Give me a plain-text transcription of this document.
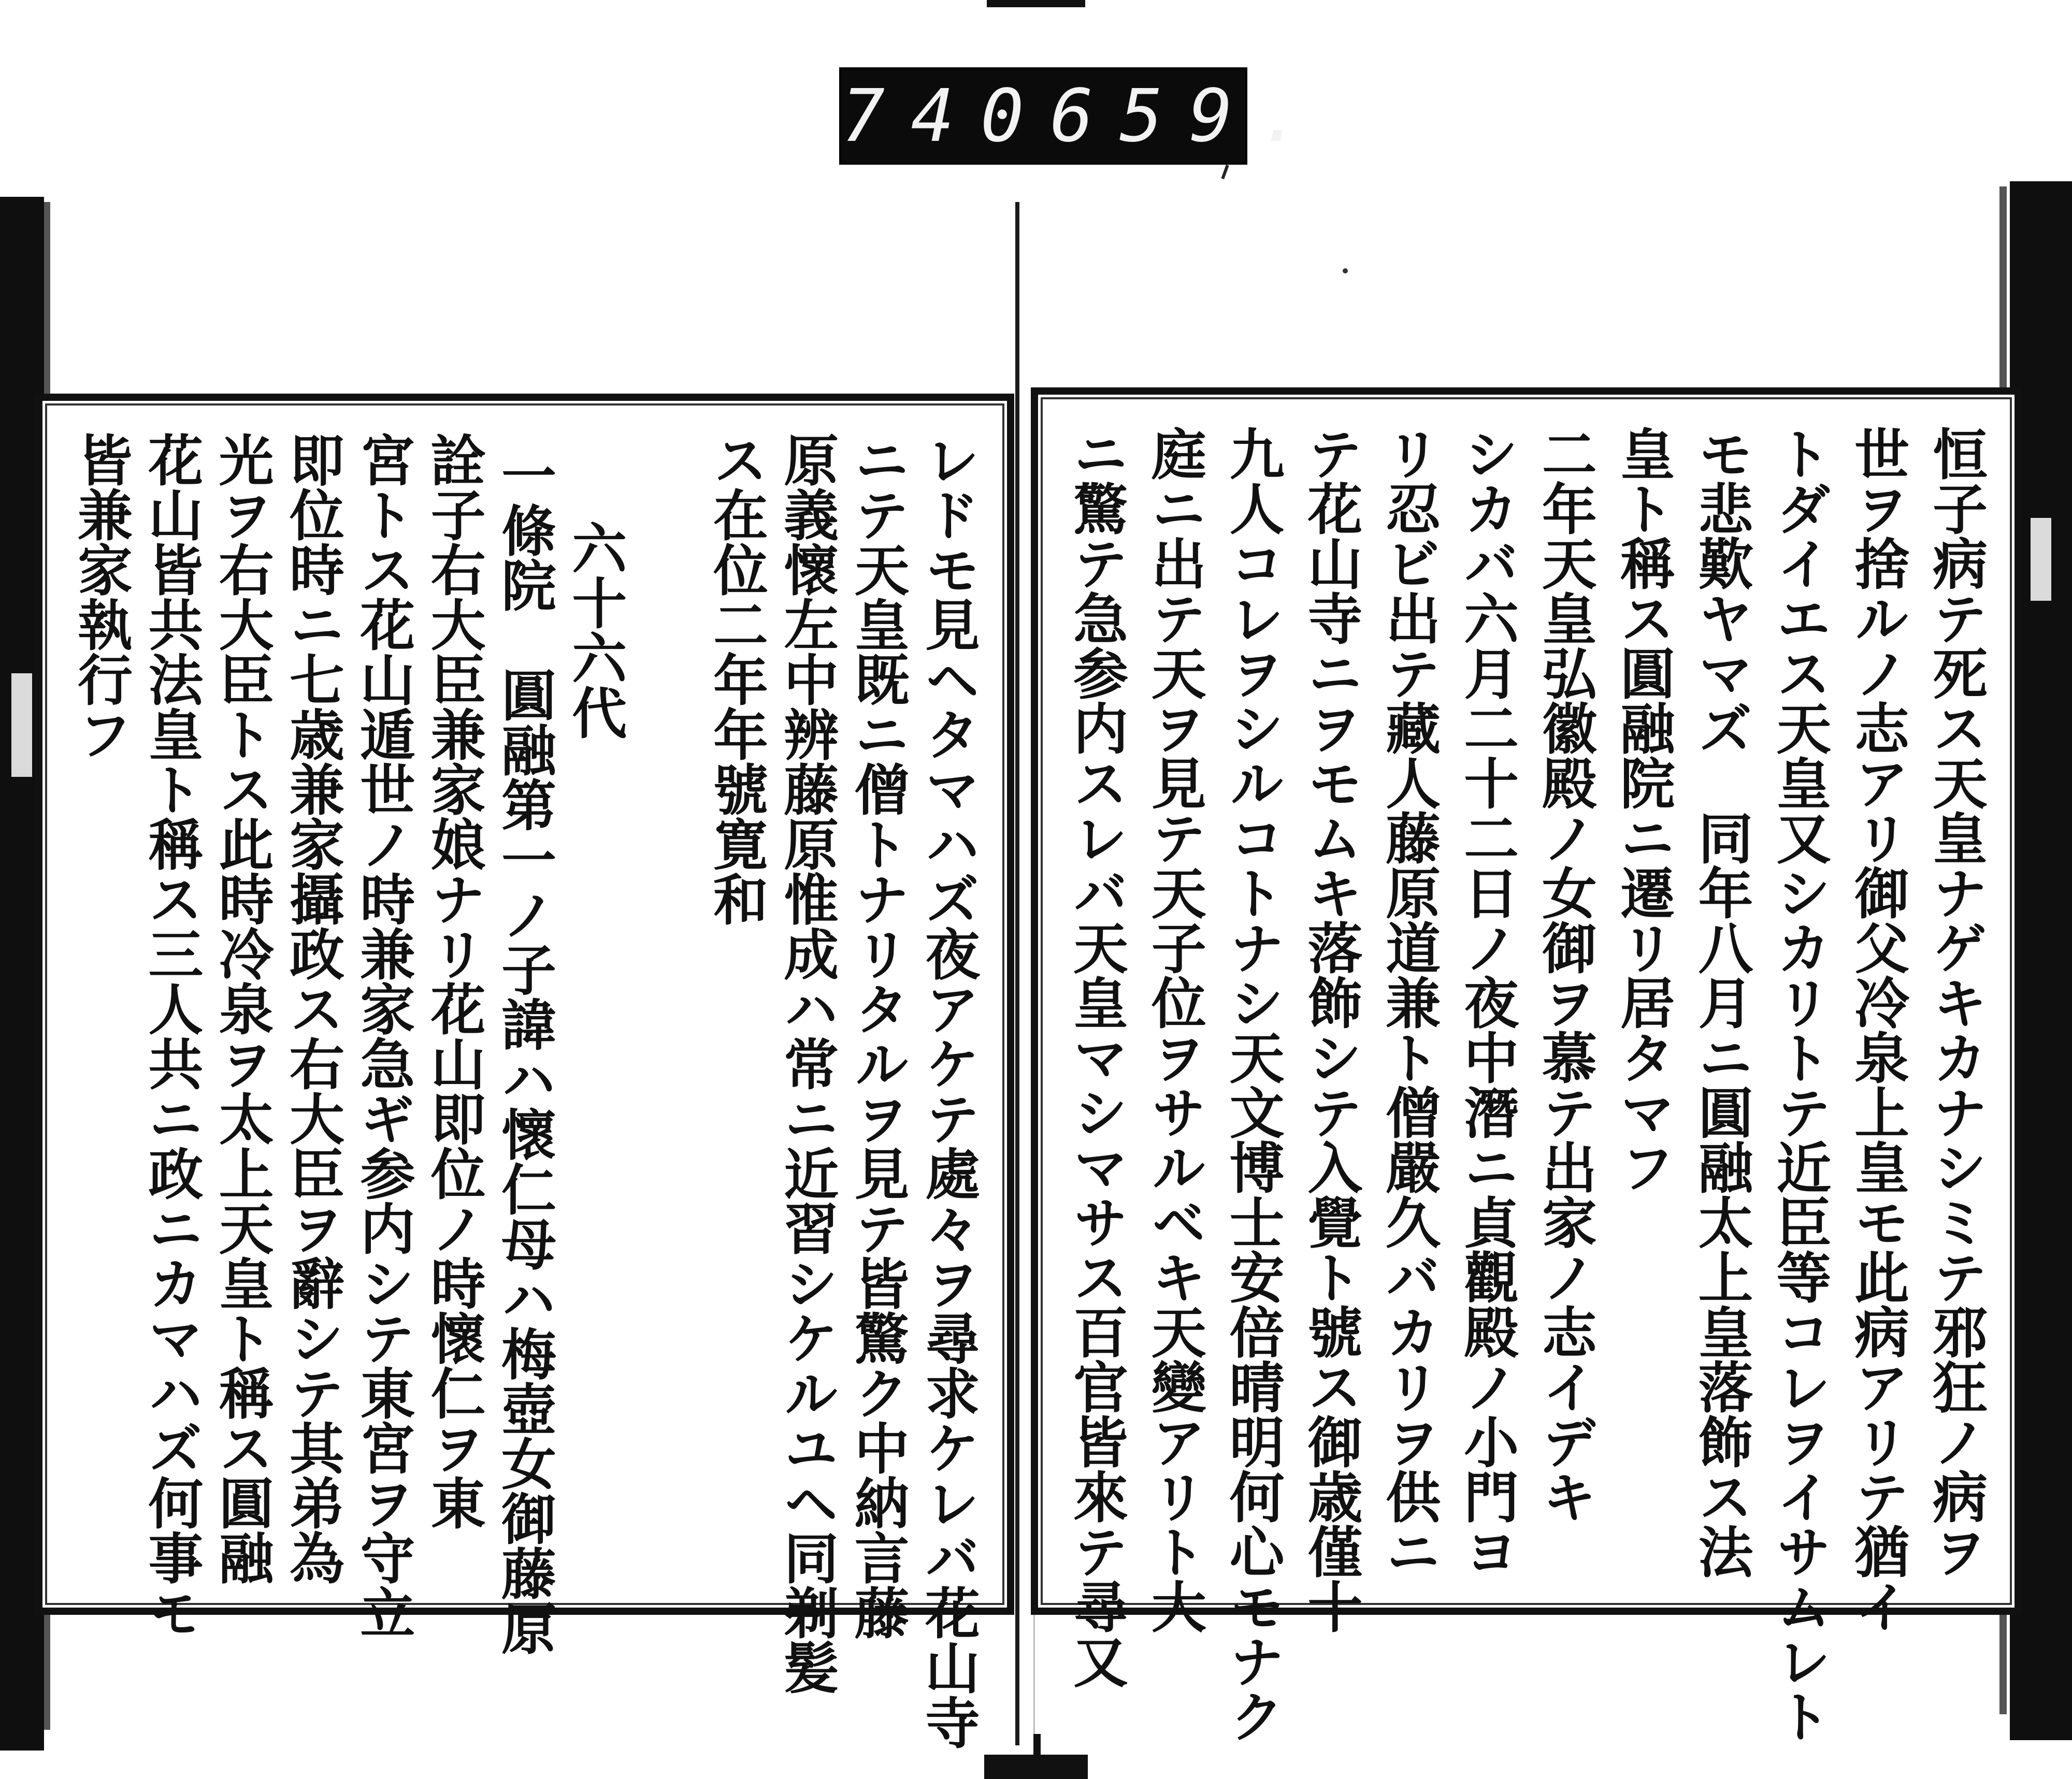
740 659.
恒子病テ死ス天皇ナゲキカナシミテ邪狂ノ病ヲ
世ヲ捨ルノ志アリ御父冷泉上皇モ此病アリテ猶イ
トダイエス天皇又シカリトテ近臣等コレヲイサムレト
モ悲歎ヤマズ　同年八月ニ圓融太上皇落飾ス法
皇ト稱ス圓融院ニ遷リ居タマフ
二年天皇弘徽殿ノ女御ヲ慕テ出家ノ志イデキ
シカバ六月二十二日ノ夜中潛ニ貞觀殿ノ小門ヨ
リ忍ビ出テ藏人藤原道兼ト僧嚴久バカリヲ供ニ
テ花山寺ニヲモムキ落飾シテ入覺ト號ス御歳僅十
九人コレヲシルコトナシ天文博士安倍晴明何心モナク
庭ニ出テ天ヲ見テ天子位ヲサルベキ天變アリト大
ニ驚テ急参内スレバ天皇マシマサス百官皆來テ尋又
レドモ見ヘタマハズ夜アケテ處々ヲ尋求ケレバ花山寺
ニテ天皇既ニ僧トナリタルヲ見テ皆驚ク中納言藤
原義懷左中辨藤原惟成ハ常ニ近習シケルユヘ同剃髪
ス在位二年年號寛和
六十六代
一條院　圓融第一ノ子諱ハ懷仁母ハ梅壺女御藤原
詮子右大臣兼家娘ナリ花山即位ノ時懷仁ヲ東
宮トス花山遁世ノ時兼家急ギ参内シテ東宮ヲ守立
即位時ニ七歳兼家攝政ス右大臣ヲ辭シテ其弟為
光ヲ右大臣トス此時冷泉ヲ太上天皇ト稱ス圓融
花山皆共法皇ト稱ス三人共ニ政ニカマハズ何事モ
皆兼家執行フ
